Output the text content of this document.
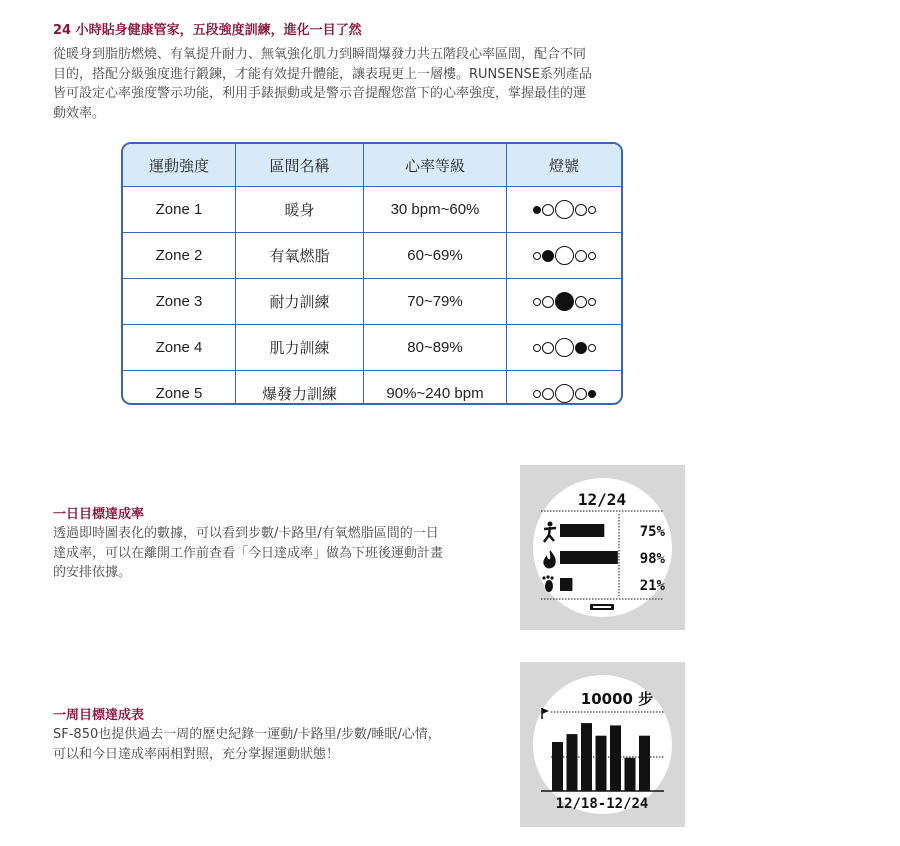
24 小時貼身健康管家，五段強度訓練，進化一目了然
從暖身到脂肪燃燒、有氧提升耐力、無氧強化肌力到瞬間爆發力共五階段心率區間，配合不同
目的，搭配分級強度進行鍛鍊，才能有效提升體能，讓表現更上一層樓。RUNSENSE系列產品
皆可設定心率強度警示功能，利用手錶振動或是警示音提醒您當下的心率強度，掌握最佳的運
動效率。
運動強度	區間名稱	心率等級	燈號
Zone 1	暖身	30 bpm~60%	

Zone 2	有氧燃脂	60~69%	

Zone 3	耐力訓練	70~79%	

Zone 4	肌力訓練	80~89%	

Zone 5	爆發力訓練	90%~240 bpm	
一日目標達成率
透過即時圖表化的數據，可以看到步數/卡路里/有氧燃脂區間的一日
達成率，可以在離開工作前查看「今日達成率」做為下班後運動計畫
的安排依據。
12/24
75%
98%
21%
一周目標達成表
SF-850也提供過去一周的歷史紀錄一運動/卡路里/步數/睡眠/心情，
可以和今日達成率兩相對照，充分掌握運動狀態！
10000 步
12/18-12/24
